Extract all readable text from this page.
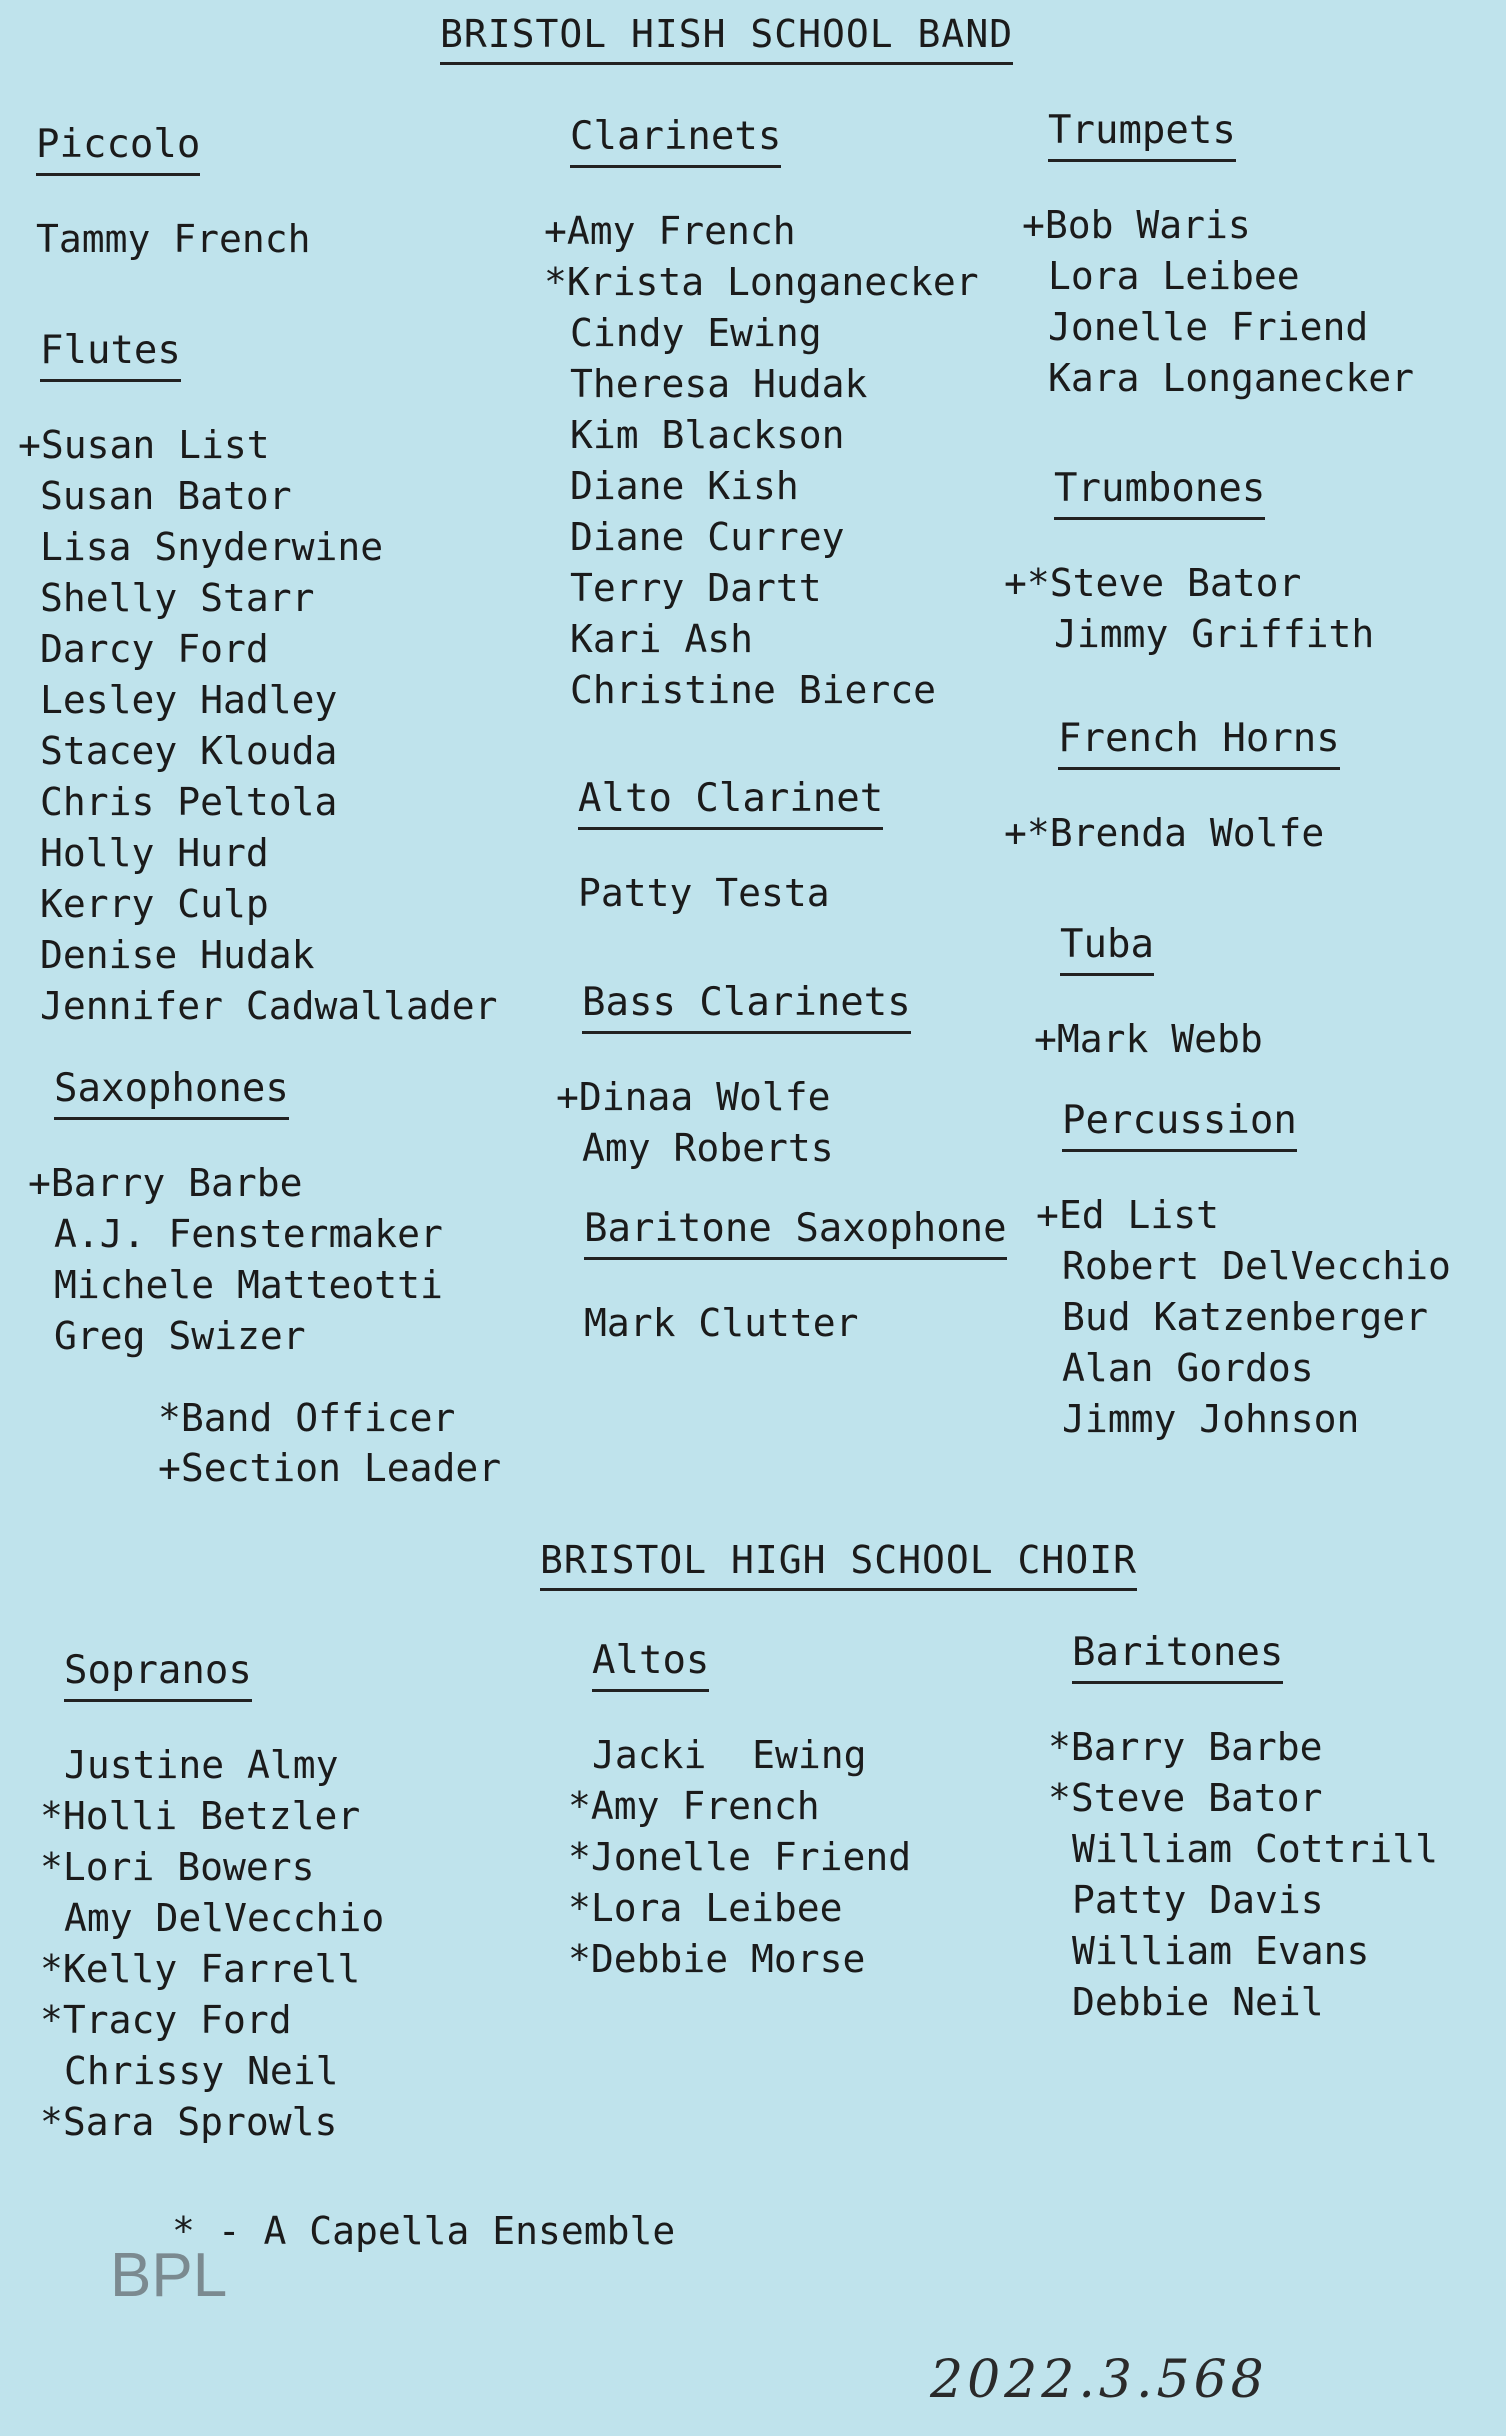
BRISTOL HISH SCHOOL BAND
Piccolo
Tammy French
Flutes
+Susan List
Susan Bator
Lisa Snyderwine
Shelly Starr
Darcy Ford
Lesley Hadley
Stacey Klouda
Chris Peltola
Holly Hurd
Kerry Culp
Denise Hudak
Jennifer Cadwallader
Saxophones
+Barry Barbe
A.J. Fenstermaker
Michele Matteotti
Greg Swizer
*Band Officer
+Section Leader
Clarinets
+Amy French
*Krista Longanecker
Cindy Ewing
Theresa Hudak
Kim Blackson
Diane Kish
Diane Currey
Terry Dartt
Kari Ash
Christine Bierce
Alto Clarinet
Patty Testa
Bass Clarinets
+Dinaa Wolfe
Amy Roberts
Baritone Saxophone
Mark Clutter
Trumpets
+Bob Waris
Lora Leibee
Jonelle Friend
Kara Longanecker
Trumbones
+*Steve Bator
Jimmy Griffith
French Horns
+*Brenda Wolfe
Tuba
+Mark Webb
Percussion
+Ed List
Robert DelVecchio
Bud Katzenberger
Alan Gordos
Jimmy Johnson
BRISTOL HIGH SCHOOL CHOIR
Sopranos
Justine Almy
*Holli Betzler
*Lori Bowers
Amy DelVecchio
*Kelly Farrell
*Tracy Ford
Chrissy Neil
*Sara Sprowls
Altos
Jacki  Ewing
*Amy French
*Jonelle Friend
*Lora Leibee
*Debbie Morse
Baritones
*Barry Barbe
*Steve Bator
William Cottrill
Patty Davis
William Evans
Debbie Neil
* - A Capella Ensemble
BPL
2022.3.568
